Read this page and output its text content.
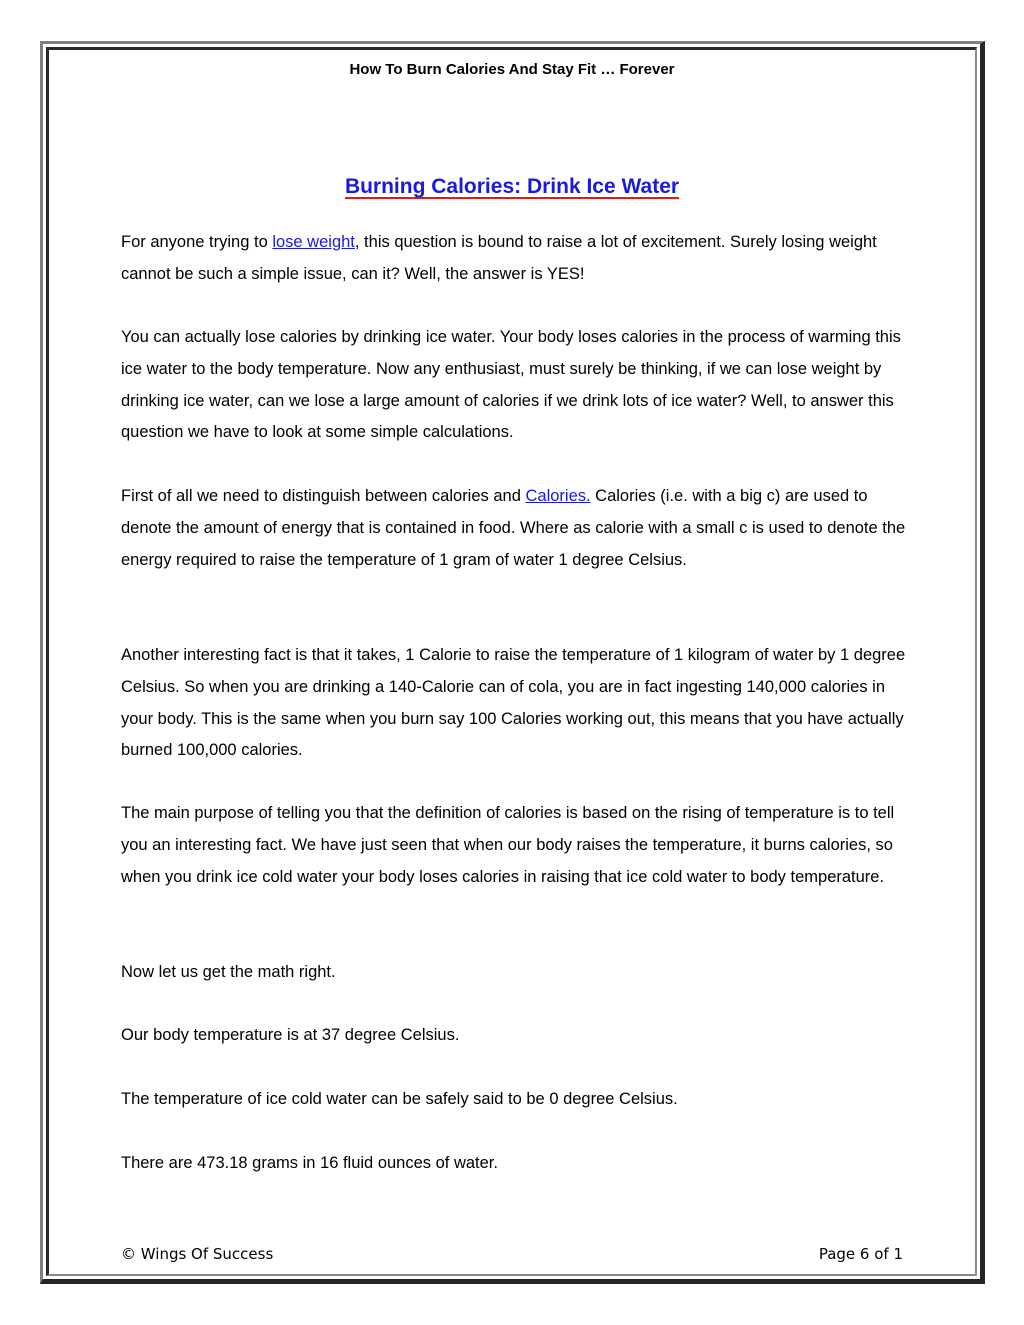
How To Burn Calories And Stay Fit … Forever
Burning Calories: Drink Ice Water

For anyone trying to lose weight, this question is bound to raise a lot of excitement. Surely losing weight cannot be such a simple issue, can it? Well, the answer is YES!

You can actually lose calories by drinking ice water. Your body loses calories in the process of warming this ice water to the body temperature. Now any enthusiast, must surely be thinking, if we can lose weight by drinking ice water, can we lose a large amount of calories if we drink lots of ice water? Well, to answer this question we have to look at some simple calculations.

First of all we need to distinguish between calories and Calories. Calories (i.e. with a big c) are used to denote the amount of energy that is contained in food. Where as calorie with a small c is used to denote the energy required to raise the temperature of 1 gram of water 1 degree Celsius.

Another interesting fact is that it takes, 1 Calorie to raise the temperature of 1 kilogram of water by 1 degree Celsius. So when you are drinking a 140-Calorie can of cola, you are in fact ingesting 140,000 calories in your body. This is the same when you burn say 100 Calories working out, this means that you have actually burned 100,000 calories.

The main purpose of telling you that the definition of calories is based on the rising of temperature is to tell you an interesting fact. We have just seen that when our body raises the temperature, it burns calories, so when you drink ice cold water your body loses calories in raising that ice cold water to body temperature.

Now let us get the math right.

Our body temperature is at 37 degree Celsius.

The temperature of ice cold water can be safely said to be 0 degree Celsius.

There are 473.18 grams in 16 fluid ounces of water.

© Wings Of Success	Page 6 of 1
